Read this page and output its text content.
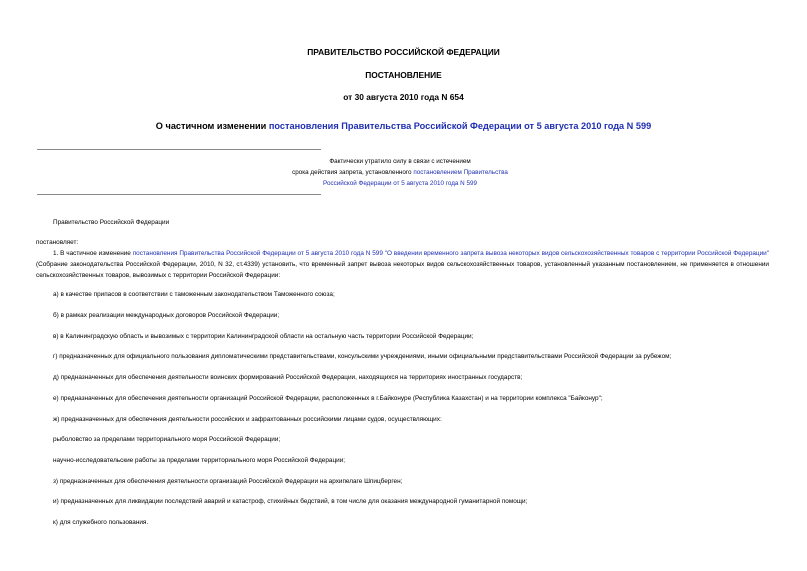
ПРАВИТЕЛЬСТВО РОССИЙСКОЙ ФЕДЕРАЦИИ
ПОСТАНОВЛЕНИЕ
от 30 августа 2010 года N 654
О частичном изменении постановления Правительства Российской Федерации от 5 августа 2010 года N 599
Фактически утратило силу в связи с истечением
срока действия запрета, установленного постановлением Правительства
Российской Федерации от 5 августа 2010 года N 599
Правительство Российской Федерации
постановляет:
1. В частичное изменение постановления Правительства Российской Федерации от 5 августа 2010 года N 599 "О введении временного запрета вывоза некоторых видов сельскохозяйственных товаров с территории Российской Федерации" (Собрание законодательства Российской Федерации, 2010, N 32, ст.4339) установить, что временный запрет вывоза некоторых видов сельскохозяйственных товаров, установленный указанным постановлением, не применяется в отношении сельскохозяйственных товаров, вывозимых с территории Российской Федерации:
а) в качестве припасов в соответствии с таможенным законодательством Таможенного союза;
б) в рамках реализации международных договоров Российской Федерации;
в) в Калининградскую область и вывозимых с территории Калининградской области на остальную часть территории Российской Федерации;
г) предназначенных для официального пользования дипломатическими представительствами, консульскими учреждениями, иными официальными представительствами Российской Федерации за рубежом;
д) предназначенных для обеспечения деятельности воинских формирований Российской Федерации, находящихся на территориях иностранных государств;
е) предназначенных для обеспечения деятельности организаций Российской Федерации, расположенных в г.Байконуре (Республика Казахстан) и на территории комплекса "Байконур";
ж) предназначенных для обеспечения деятельности российских и зафрахтованных российскими лицами судов, осуществляющих:
рыболовство за пределами территориального моря Российской Федерации;
научно-исследовательские работы за пределами территориального моря Российской Федерации;
з) предназначенных для обеспечения деятельности организаций Российской Федерации на архипелаге Шпицберген;
и) предназначенных для ликвидации последствий аварий и катастроф, стихийных бедствий, в том числе для оказания международной гуманитарной помощи;
к) для служебного пользования.
